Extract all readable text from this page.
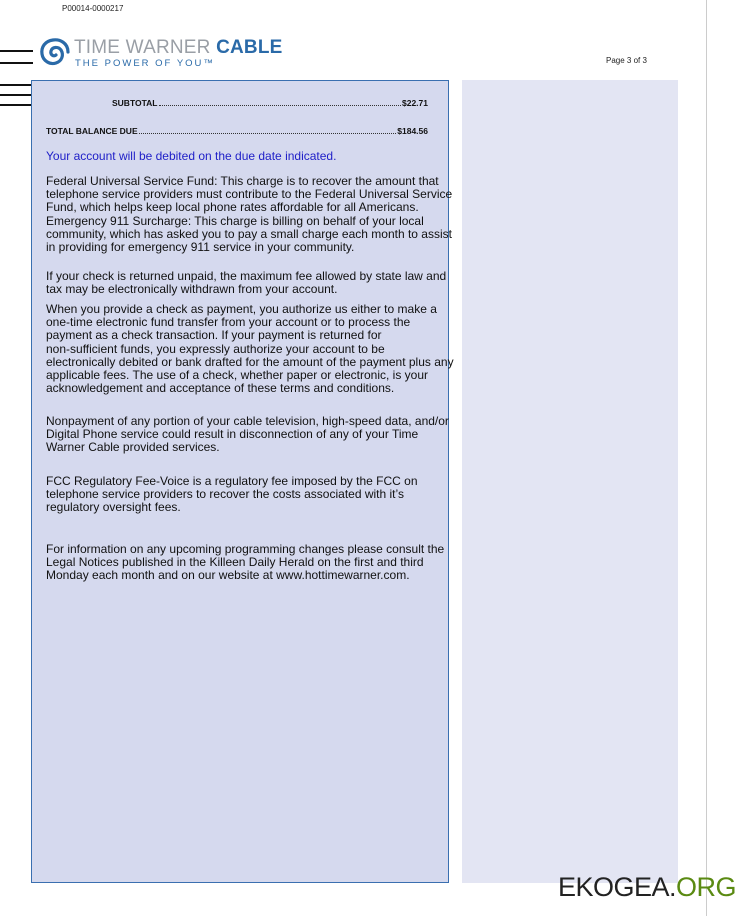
P00014-0000217
Page 3 of 3
TIME WARNER CABLE
THE POWER OF YOU™
SUBTOTAL	$22.71
TOTAL BALANCE DUE	$184.56
Your account will be debited on the due date indicated.
Federal Universal Service Fund: This charge is to recover the amount that
telephone service providers must contribute to the Federal Universal Service
Fund, which helps keep local phone rates affordable for all Americans.
Emergency 911 Surcharge: This charge is billing on behalf of your local
community, which has asked you to pay a small charge each month to assist
in providing for emergency 911 service in your community.
If your check is returned unpaid, the maximum fee allowed by state law and
tax may be electronically withdrawn from your account.
When you provide a check as payment, you authorize us either to make a
one-time electronic fund transfer from your account or to process the
payment as a check transaction. If your payment is returned for
non-sufficient funds, you expressly authorize your account to be
electronically debited or bank drafted for the amount of the payment plus any
applicable fees. The use of a check, whether paper or electronic, is your
acknowledgement and acceptance of these terms and conditions.
Nonpayment of any portion of your cable television, high-speed data, and/or
Digital Phone service could result in disconnection of any of your Time
Warner Cable provided services.
FCC Regulatory Fee-Voice is a regulatory fee imposed by the FCC on
telephone service providers to recover the costs associated with it’s
regulatory oversight fees.
For information on any upcoming programming changes please consult the
Legal Notices published in the Killeen Daily Herald on the first and third
Monday each month and on our website at www.hottimewarner.com.
EKOGEA.ORG
